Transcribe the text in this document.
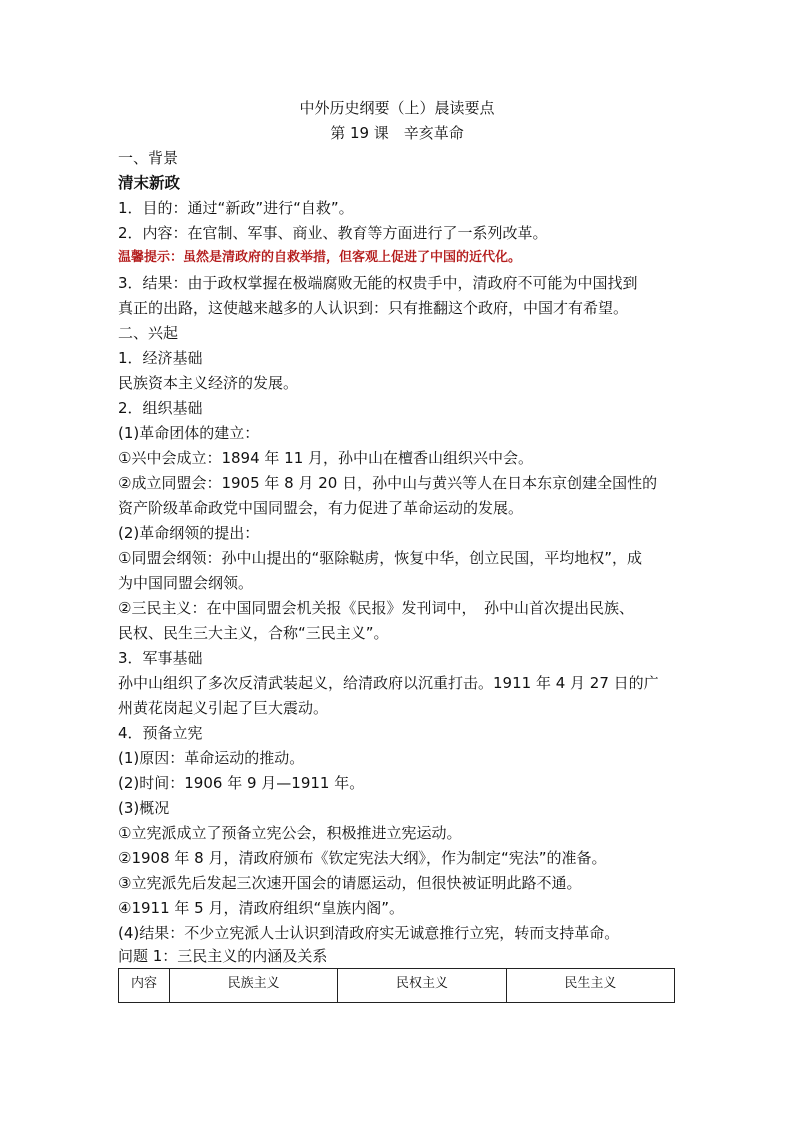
中外历史纲要（上）晨读要点
第 19 课　辛亥革命
一、背景
清末新政
1．目的：通过“新政”进行“自救”。
2．内容：在官制、军事、商业、教育等方面进行了一系列改革。
温馨提示：虽然是清政府的自救举措，但客观上促进了中国的近代化。
3．结果：由于政权掌握在极端腐败无能的权贵手中，清政府不可能为中国找到
真正的出路，这使越来越多的人认识到：只有推翻这个政府，中国才有希望。
二、兴起
1．经济基础
民族资本主义经济的发展。
2．组织基础
(1)革命团体的建立：
①兴中会成立：1894 年 11 月，孙中山在檀香山组织兴中会。
②成立同盟会：1905 年 8 月 20 日，孙中山与黄兴等人在日本东京创建全国性的
资产阶级革命政党中国同盟会，有力促进了革命运动的发展。
(2)革命纲领的提出：
①同盟会纲领：孙中山提出的“驱除鞑虏，恢复中华，创立民国，平均地权”，成
为中国同盟会纲领。
②三民主义：在中国同盟会机关报《民报》发刊词中，　孙中山首次提出民族、
民权、民生三大主义，合称“三民主义”。
3．军事基础
孙中山组织了多次反清武装起义，给清政府以沉重打击。1911 年 4 月 27 日的广
州黄花岗起义引起了巨大震动。
4．预备立宪
(1)原因：革命运动的推动。
(2)时间：1906 年 9 月—1911 年。
(3)概况
①立宪派成立了预备立宪公会，积极推进立宪运动。
②1908 年 8 月，清政府颁布《钦定宪法大纲》，作为制定“宪法”的准备。
③立宪派先后发起三次速开国会的请愿运动，但很快被证明此路不通。
④1911 年 5 月，清政府组织“皇族内阁”。
(4)结果：不少立宪派人士认识到清政府实无诚意推行立宪，转而支持革命。
问题 1：三民主义的内涵及关系
内容	民族主义	民权主义	民生主义
